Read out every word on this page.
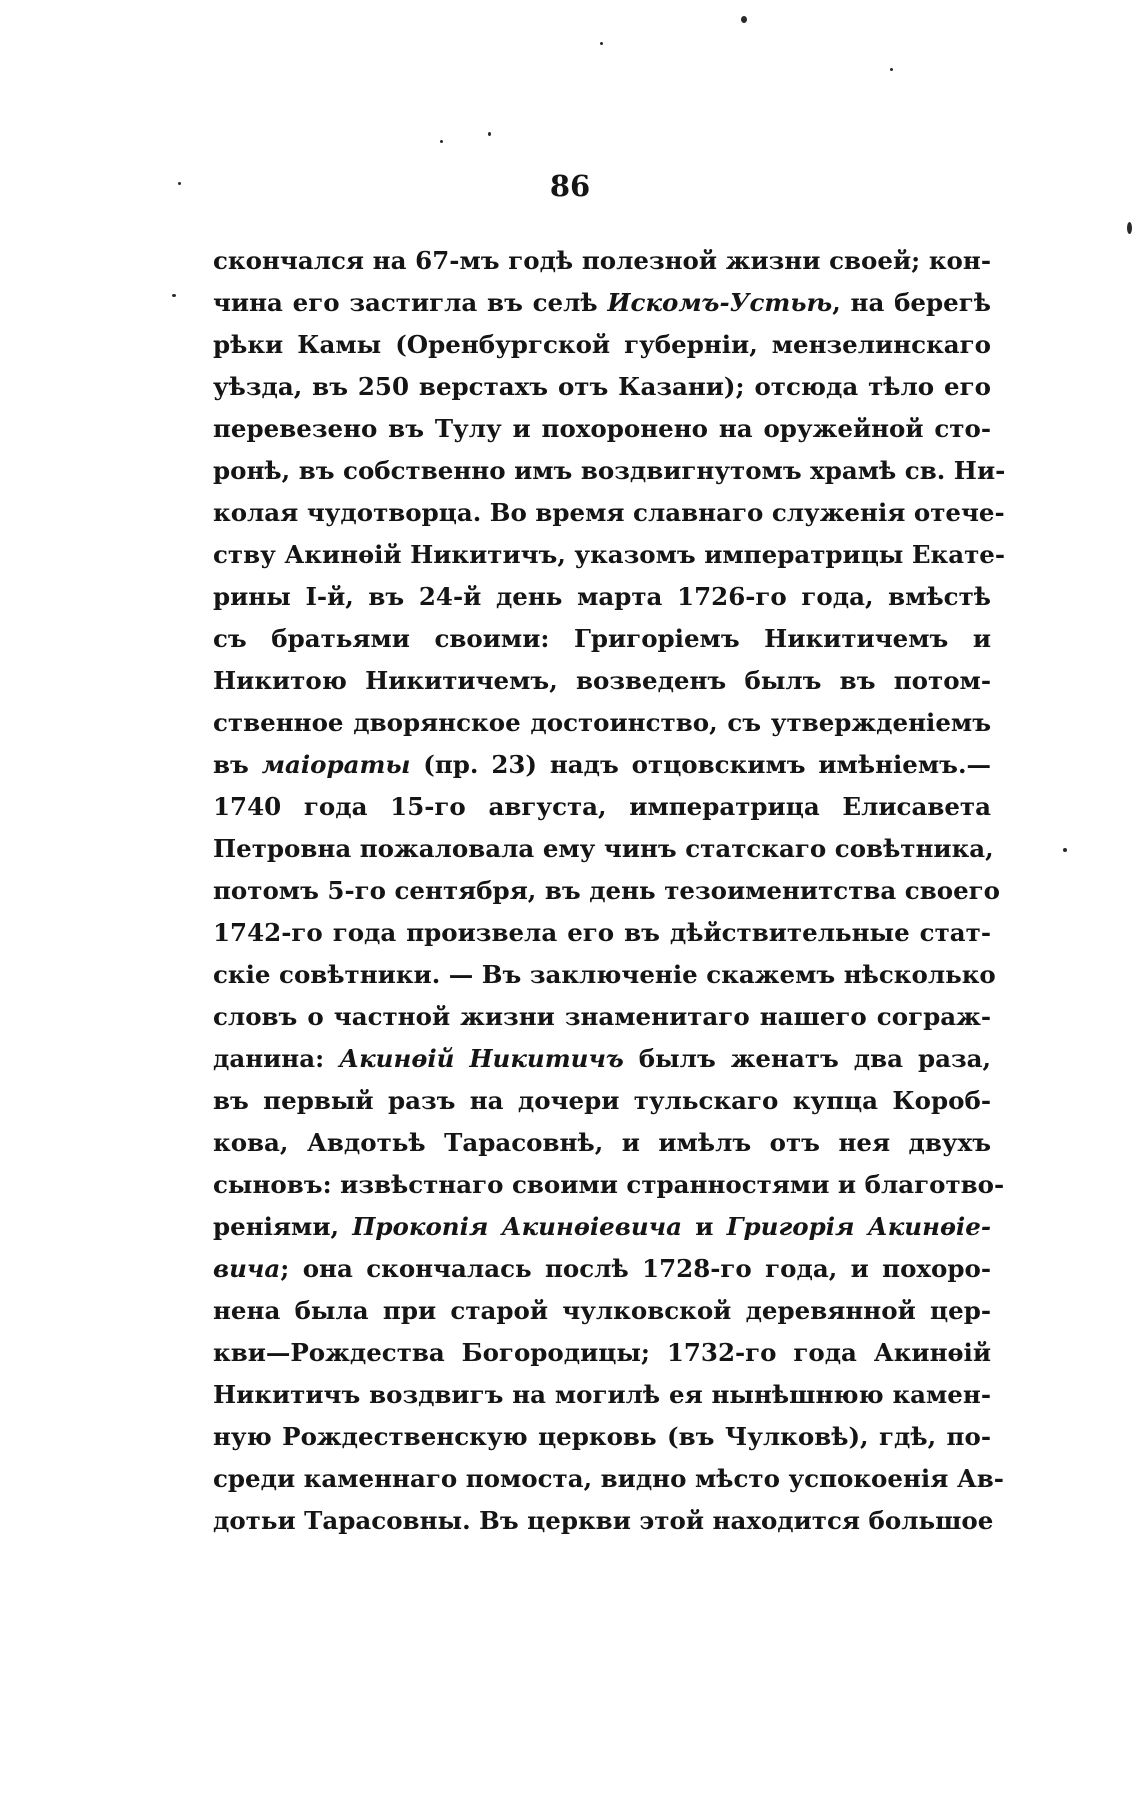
86
скончался на 67-мъ годѣ полезной жизни своей; кон-
чина его застигла въ селѣ Искомъ-Устьѣ, на берегѣ
рѣки Камы (Оренбургской губерніи, мензелинскаго
уѣзда, въ 250 верстахъ отъ Казани); отсюда тѣло его
перевезено въ Тулу и похоронено на оружейной сто-
ронѣ, въ собственно имъ воздвигнутомъ храмѣ св. Ни-
колая чудотворца. Во время славнаго служенія отече-
ству Акинѳій Никитичъ, указомъ императрицы Екате-
рины I-й, въ 24-й день марта 1726-го года, вмѣстѣ
съ братьями своими: Григоріемъ Никитичемъ и
Никитою Никитичемъ, возведенъ былъ въ потом-
ственное дворянское достоинство, съ утвержденіемъ
въ маіораты (пр. 23) надъ отцовскимъ имѣніемъ.—
1740 года 15-го августа, императрица Елисавета
Петровна пожаловала ему чинъ статскаго совѣтника,
потомъ 5-го сентября, въ день тезоименитства своего
1742-го года произвела его въ дѣйствительные стат-
скіе совѣтники. — Въ заключеніе скажемъ нѣсколько
словъ о частной жизни знаменитаго нашего сограж-
данина: Акинѳій Никитичъ былъ женатъ два раза,
въ первый разъ на дочери тульскаго купца Короб-
кова, Авдотьѣ Тарасовнѣ, и имѣлъ отъ нея двухъ
сыновъ: извѣстнаго своими странностями и благотво-
реніями, Прокопія Акинѳіевича и Григорія Акинѳіе-
вича; она скончалась послѣ 1728-го года, и похоро-
нена была при старой чулковской деревянной цер-
кви—Рождества Богородицы; 1732-го года Акинѳій
Никитичъ воздвигъ на могилѣ ея нынѣшнюю камен-
ную Рождественскую церковь (въ Чулковѣ), гдѣ, по-
среди каменнаго помоста, видно мѣсто успокоенія Ав-
дотьи Тарасовны. Въ церкви этой находится большое
